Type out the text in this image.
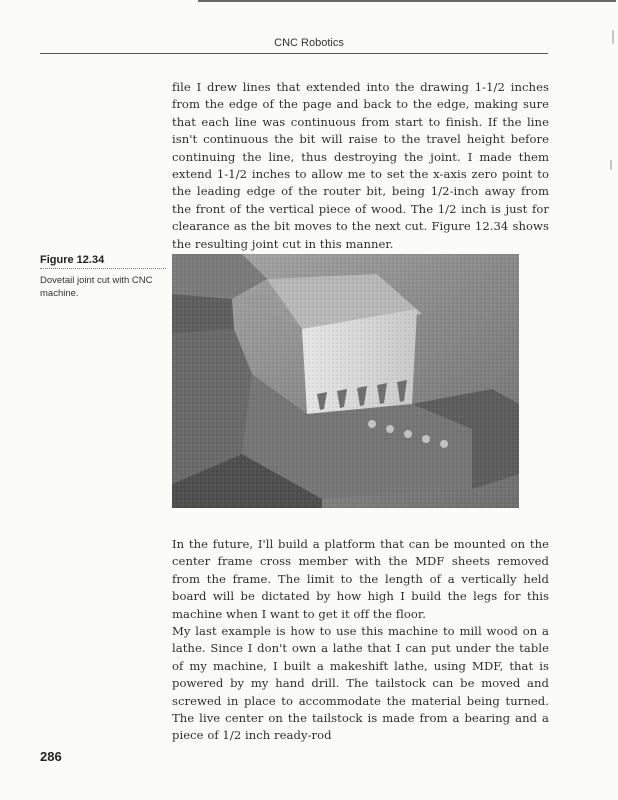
CNC Robotics

file I drew lines that extended into the drawing 1-1/2 inches from the edge of the page and back to the edge, making sure that each line was continuous from start to finish. If the line isn't continuous the bit will raise to the travel height before continuing the line, thus destroying the joint. I made them extend 1-1/2 inches to allow me to set the x-axis zero point to the leading edge of the router bit, being 1/2-inch away from the front of the vertical piece of wood. The 1/2 inch is just for clearance as the bit moves to the next cut. Figure 12.34 shows the resulting joint cut in this manner.

Figure 12.34
Dovetail joint cut with CNC machine.

In the future, I'll build a platform that can be mounted on the center frame cross member with the MDF sheets removed from the frame. The limit to the length of a vertically held board will be dictated by how high I build the legs for this machine when I want to get it off the floor.

My last example is how to use this machine to mill wood on a lathe. Since I don't own a lathe that I can put under the table of my machine, I built a makeshift lathe, using MDF, that is powered by my hand drill. The tailstock can be moved and screwed in place to accommodate the material being turned. The live center on the tailstock is made from a bearing and a piece of 1/2 inch ready-rod

286
